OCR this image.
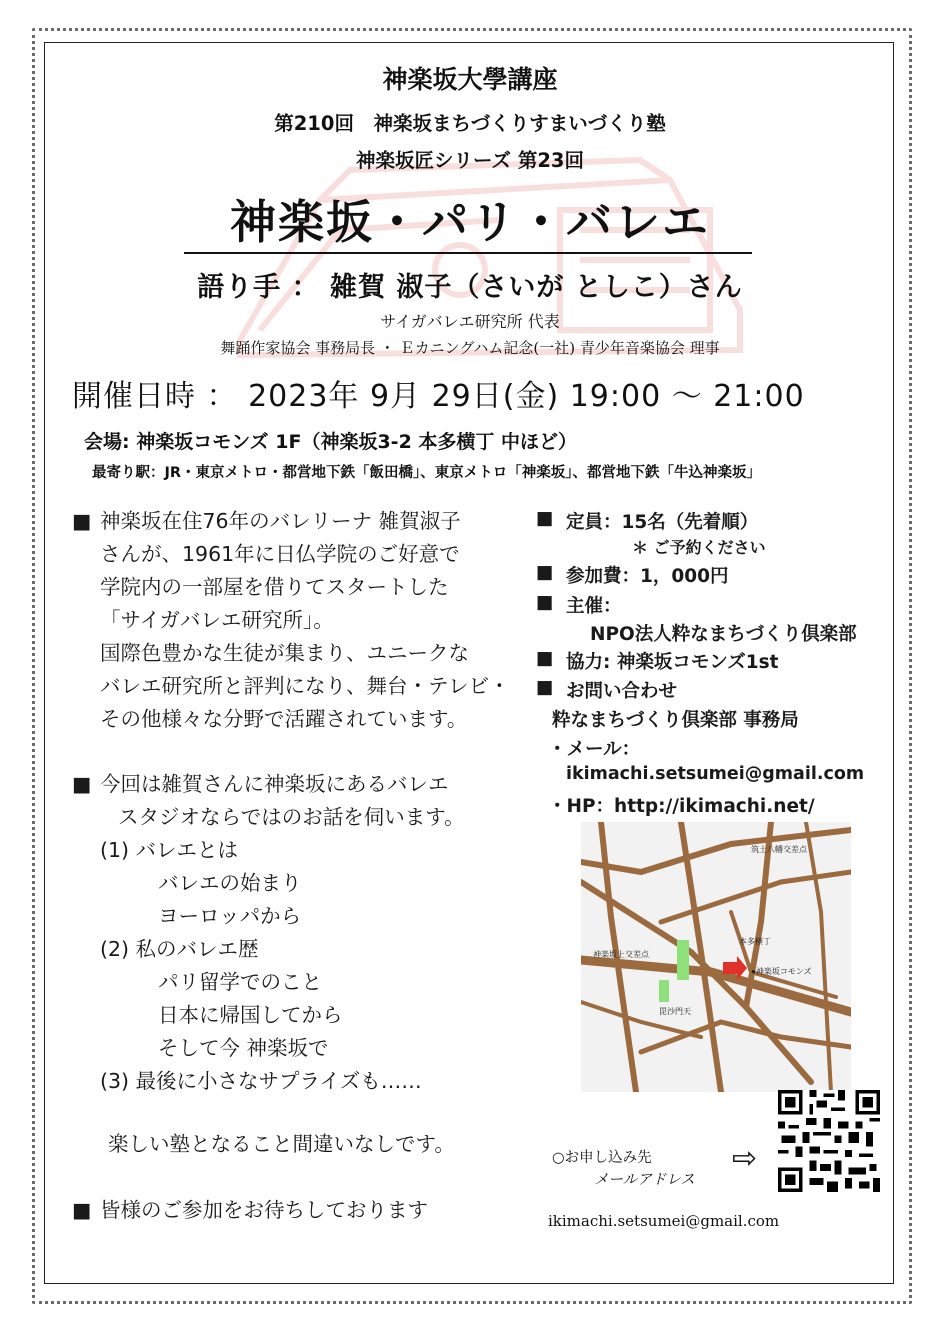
神楽坂大學講座
第210回　神楽坂まちづくりすまいづくり塾
神楽坂匠シリーズ 第23回
神楽坂・パリ・バレエ
語り手 ： 雑賀 淑子（さいが としこ）さん
サイガバレエ研究所 代表
舞踊作家協会 事務局長 ・ Ｅカニングハム記念(一社) 青少年音楽協会 理事
開催日時 ： 2023年 9月 29日(金) 19:00 〜 21:00
会場: 神楽坂コモンズ 1F（神楽坂3-2 本多横丁 中ほど）
最寄り駅：JR・東京メトロ・都営地下鉄「飯田橋」、東京メトロ「神楽坂」、都営地下鉄「牛込神楽坂」
■ 神楽坂在住76年のバレリーナ 雑賀淑子
さんが、1961年に日仏学院のご好意で
学院内の一部屋を借りてスタートした
「サイガバレエ研究所」。
国際色豊かな生徒が集まり、ユニークな
バレエ研究所と評判になり、舞台・テレビ・
その他様々な分野で活躍されています。
■ 今回は雑賀さんに神楽坂にあるバレエ
スタジオならではのお話を伺います。
(1) バレエとは
バレエの始まり
ヨーロッパから
(2) 私のバレエ歴
パリ留学でのこと
日本に帰国してから
そして今 神楽坂で
(3) 最後に小さなサプライズも……
楽しい塾となること間違いなしです。
■ 皆様のご参加をお待ちしております
■ 定員：15名（先着順）
＊ ご予約ください
■ 参加費：1，000円
■ 主催：
NPO法人粋なまちづくり倶楽部
■ 協力: 神楽坂コモンズ1st
■ お問い合わせ
粋なまちづくり倶楽部 事務局
・メール：
ikimachi.setsumei@gmail.com
・HP：http://ikimachi.net/
筑土八幡交差点
神楽坂上交差点
本多横丁
●神楽坂コモンズ
毘沙門天
○お申し込み先
メールアドレス
⇨
ikimachi.setsumei@gmail.com
